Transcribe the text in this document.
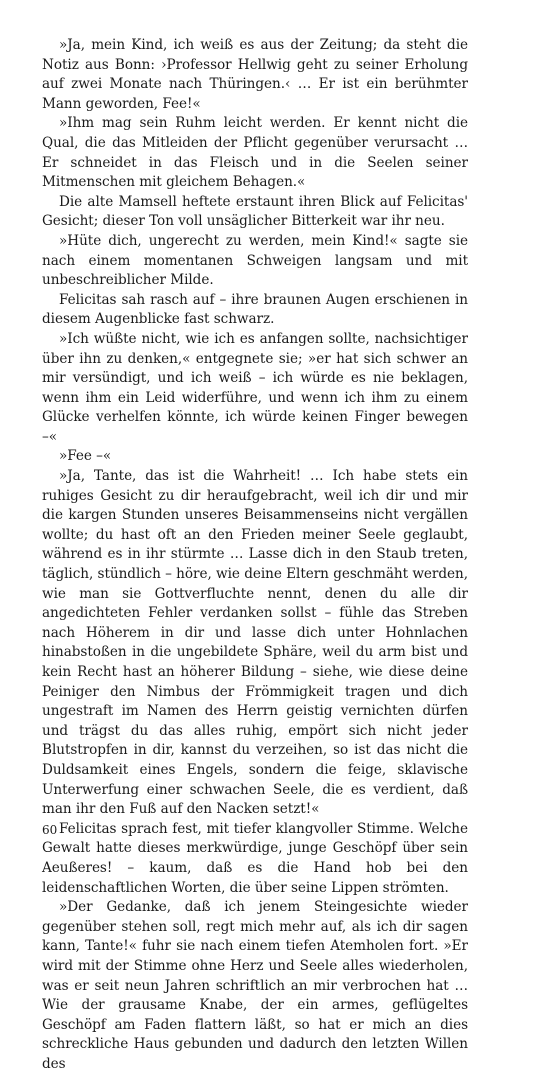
»Ja, mein Kind, ich weiß es aus der Zeitung; da steht die Notiz aus Bonn: ›Professor Hellwig geht zu seiner Erholung auf zwei Monate nach Thüringen.‹ … Er ist ein berühmter Mann geworden, Fee!«

»Ihm mag sein Ruhm leicht werden. Er kennt nicht die Qual, die das Mitleiden der Pflicht gegenüber verursacht … Er schneidet in das Fleisch und in die Seelen seiner Mitmenschen mit gleichem Behagen.«

Die alte Mamsell heftete erstaunt ihren Blick auf Felicitas' Gesicht; dieser Ton voll unsäglicher Bitterkeit war ihr neu.

»Hüte dich, ungerecht zu werden, mein Kind!« sagte sie nach einem momentanen Schweigen langsam und mit unbeschreiblicher Milde.

Felicitas sah rasch auf – ihre braunen Augen erschienen in diesem Augenblicke fast schwarz.

»Ich wüßte nicht, wie ich es anfangen sollte, nachsichtiger über ihn zu denken,« entgegnete sie; »er hat sich schwer an mir versündigt, und ich weiß – ich würde es nie beklagen, wenn ihm ein Leid widerführe, und wenn ich ihm zu einem Glücke verhelfen könnte, ich würde keinen Finger bewegen –«

»Fee –«

»Ja, Tante, das ist die Wahrheit! … Ich habe stets ein ruhiges Gesicht zu dir heraufgebracht, weil ich dir und mir die kargen Stunden unseres Beisammenseins nicht vergällen wollte; du hast oft an den Frieden meiner Seele geglaubt, während es in ihr stürmte … Lasse dich in den Staub treten, täglich, stündlich – höre, wie deine Eltern geschmäht werden, wie man sie Gottverfluchte nennt, denen du alle dir angedichteten Fehler verdanken sollst – fühle das Streben nach Höherem in dir und lasse dich unter Hohnlachen hinabstoßen in die ungebildete Sphäre, weil du arm bist und kein Recht hast an höherer Bildung – siehe, wie diese deine Peiniger den Nimbus der Frömmigkeit tragen und dich ungestraft im Namen des Herrn geistig vernichten dürfen und trägst du das alles ruhig, empört sich nicht jeder Blutstropfen in dir, kannst du verzeihen, so ist das nicht die Duldsamkeit eines Engels, sondern die feige, sklavische Unterwerfung einer schwachen Seele, die es verdient, daß man ihr den Fuß auf den Nacken setzt!«

Felicitas sprach fest, mit tiefer klangvoller Stimme. Welche Gewalt hatte dieses merkwürdige, junge Geschöpf über sein Aeußeres! – kaum, daß es die Hand hob bei den leidenschaftlichen Worten, die über seine Lippen strömten.

»Der Gedanke, daß ich jenem Steingesichte wieder gegenüber stehen soll, regt mich mehr auf, als ich dir sagen kann, Tante!« fuhr sie nach einem tiefen Atemholen fort. »Er wird mit der Stimme ohne Herz und Seele alles wiederholen, was er seit neun Jahren schriftlich an mir verbrochen hat … Wie der grausame Knabe, der ein armes, geflügeltes Geschöpf am Faden flattern läßt, so hat er mich an dies schreckliche Haus gebunden und dadurch den letzten Willen des

60
